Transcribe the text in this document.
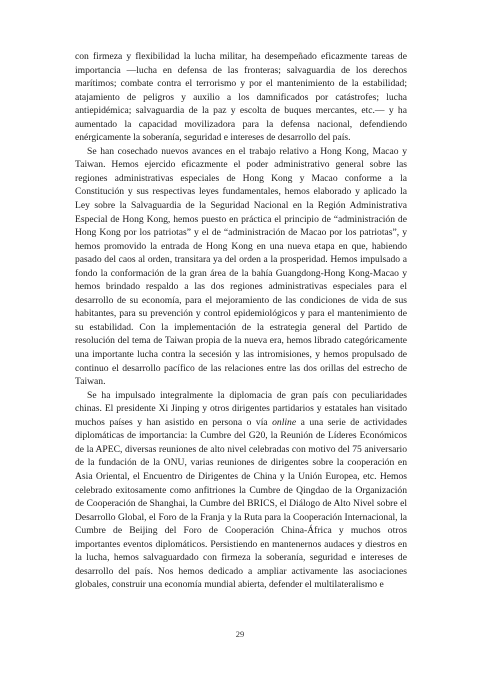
con firmeza y flexibilidad la lucha militar, ha desempeñado eficazmente tareas de importancia —lucha en defensa de las fronteras; salvaguardia de los derechos marítimos; combate contra el terrorismo y por el mantenimiento de la estabilidad; atajamiento de peligros y auxilio a los damnificados por catástrofes; lucha antiepidémica; salvaguardia de la paz y escolta de buques mercantes, etc.— y ha aumentado la capacidad movilizadora para la defensa nacional, defendiendo enérgicamente la soberanía, seguridad e intereses de desarrollo del país.

Se han cosechado nuevos avances en el trabajo relativo a Hong Kong, Macao y Taiwan. Hemos ejercido eficazmente el poder administrativo general sobre las regiones administrativas especiales de Hong Kong y Macao conforme a la Constitución y sus respectivas leyes fundamentales, hemos elaborado y aplicado la Ley sobre la Salvaguardia de la Seguridad Nacional en la Región Administrativa Especial de Hong Kong, hemos puesto en práctica el principio de “administración de Hong Kong por los patriotas” y el de “administración de Macao por los patriotas”, y hemos promovido la entrada de Hong Kong en una nueva etapa en que, habiendo pasado del caos al orden, transitara ya del orden a la prosperidad. Hemos impulsado a fondo la conformación de la gran área de la bahía Guangdong-Hong Kong-Macao y hemos brindado respaldo a las dos regiones administrativas especiales para el desarrollo de su economía, para el mejoramiento de las condiciones de vida de sus habitantes, para su prevención y control epidemiológicos y para el mantenimiento de su estabilidad. Con la implementación de la estrategia general del Partido de resolución del tema de Taiwan propia de la nueva era, hemos librado categóricamente una importante lucha contra la secesión y las intromisiones, y hemos propulsado de continuo el desarrollo pacífico de las relaciones entre las dos orillas del estrecho de Taiwan.

Se ha impulsado integralmente la diplomacia de gran país con peculiaridades chinas. El presidente Xi Jinping y otros dirigentes partidarios y estatales han visitado muchos países y han asistido en persona o vía online a una serie de actividades diplomáticas de importancia: la Cumbre del G20, la Reunión de Líderes Económicos de la APEC, diversas reuniones de alto nivel celebradas con motivo del 75 aniversario de la fundación de la ONU, varias reuniones de dirigentes sobre la cooperación en Asia Oriental, el Encuentro de Dirigentes de China y la Unión Europea, etc. Hemos celebrado exitosamente como anfitriones la Cumbre de Qingdao de la Organización de Cooperación de Shanghai, la Cumbre del BRICS, el Diálogo de Alto Nivel sobre el Desarrollo Global, el Foro de la Franja y la Ruta para la Cooperación Internacional, la Cumbre de Beijing del Foro de Cooperación China-África y muchos otros importantes eventos diplomáticos. Persistiendo en mantenernos audaces y diestros en la lucha, hemos salvaguardado con firmeza la soberanía, seguridad e intereses de desarrollo del país. Nos hemos dedicado a ampliar activamente las asociaciones globales, construir una economía mundial abierta, defender el multilateralismo e

29
